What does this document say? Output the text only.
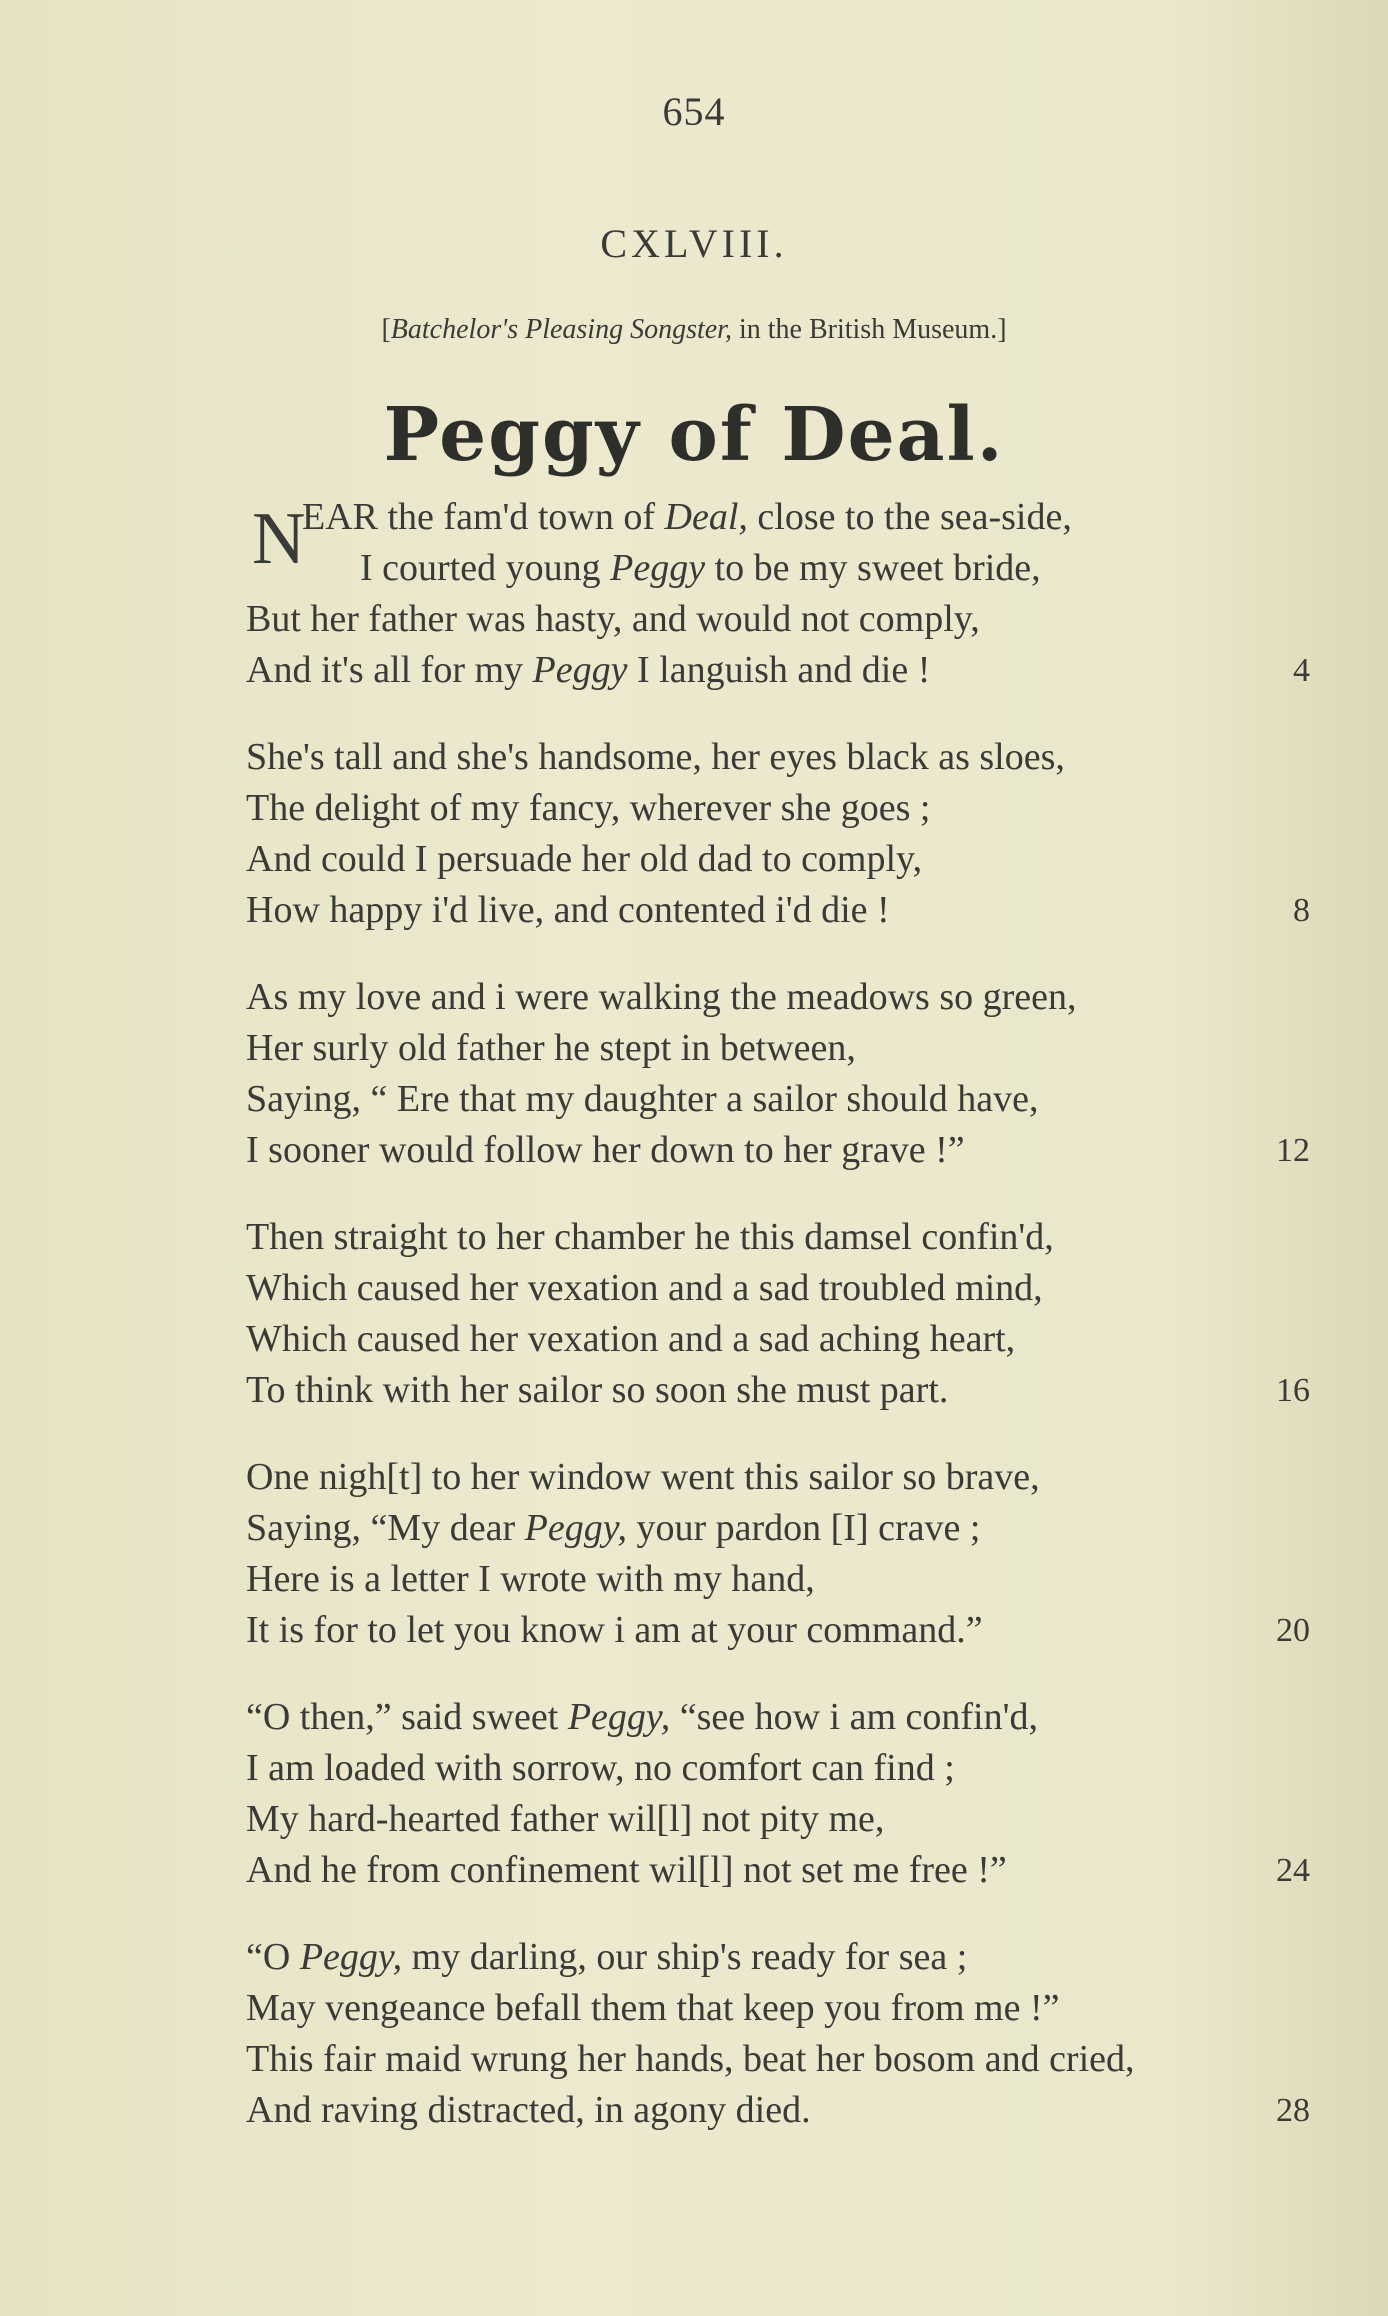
654
CXLVIII.
[Batchelor's Pleasing Songster, in the British Museum.]
Peggy of Deal.
N
EAR the fam'd town of Deal, close to the sea-side,
I courted young Peggy to be my sweet bride,
But her father was hasty, and would not comply,
And it's all for my Peggy I languish and die !	4
She's tall and she's handsome, her eyes black as sloes,
The delight of my fancy, wherever she goes ;
And could I persuade her old dad to comply,
How happy i'd live, and contented i'd die !	8
As my love and i were walking the meadows so green,
Her surly old father he stept in between,
Saying, “ Ere that my daughter a sailor should have,
I sooner would follow her down to her grave !”	12
Then straight to her chamber he this damsel confin'd,
Which caused her vexation and a sad troubled mind,
Which caused her vexation and a sad aching heart,
To think with her sailor so soon she must part.	16
One nigh[t] to her window went this sailor so brave,
Saying, “My dear Peggy, your pardon [I] crave ;
Here is a letter I wrote with my hand,
It is for to let you know i am at your command.”	20
“O then,” said sweet Peggy, “see how i am confin'd,
I am loaded with sorrow, no comfort can find ;
My hard-hearted father wil[l] not pity me,
And he from confinement wil[l] not set me free !”	24
“O Peggy, my darling, our ship's ready for sea ;
May vengeance befall them that keep you from me !”
This fair maid wrung her hands, beat her bosom and cried,
And raving distracted, in agony died.	28
